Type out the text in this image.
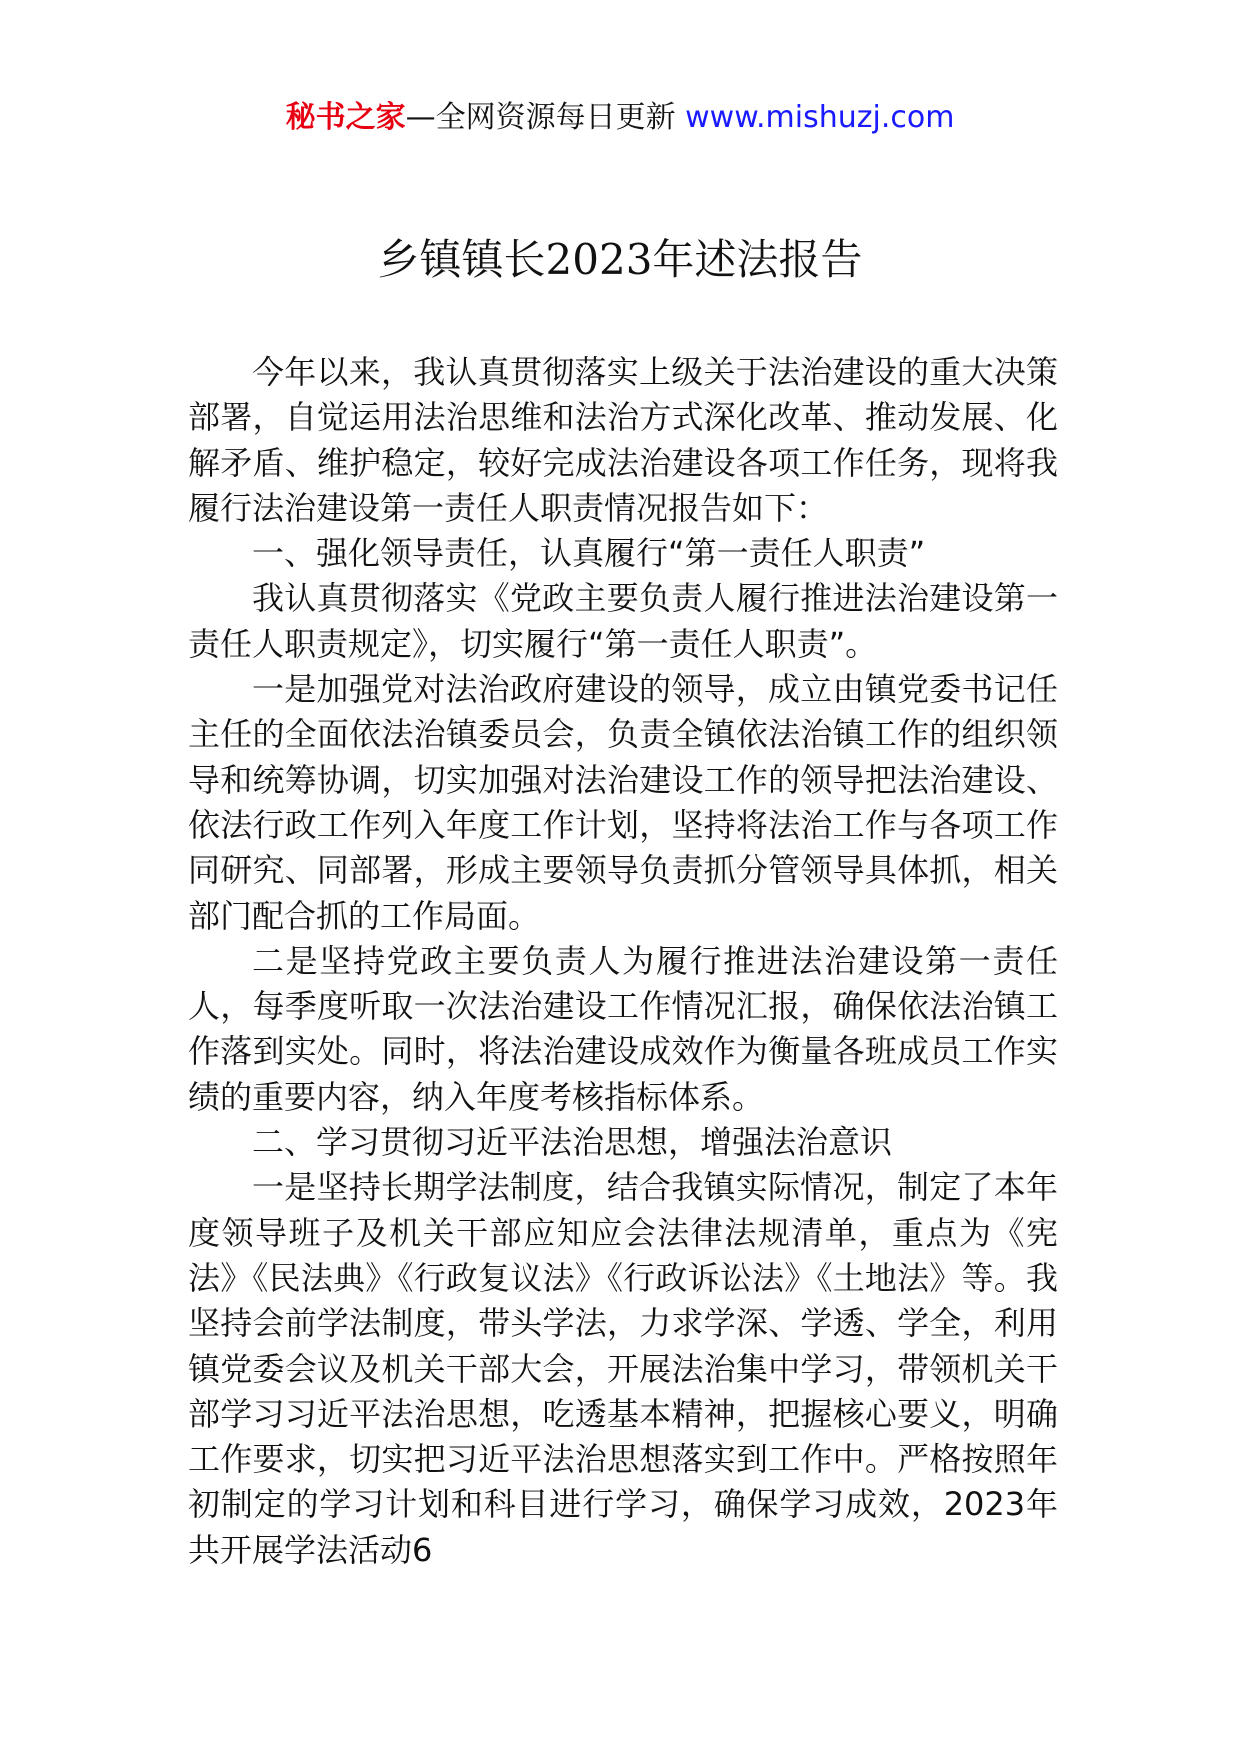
秘书之家—全网资源每日更新 www.mishuzj.com
乡镇镇长2023年述法报告

今年以来，我认真贯彻落实上级关于法治建设的重大决策部署，自觉运用法治思维和法治方式深化改革、推动发展、化解矛盾、维护稳定，较好完成法治建设各项工作任务，现将我履行法治建设第一责任人职责情况报告如下：

一、强化领导责任，认真履行“第一责任人职责”

我认真贯彻落实《党政主要负责人履行推进法治建设第一责任人职责规定》，切实履行“第一责任人职责”。

一是加强党对法治政府建设的领导，成立由镇党委书记任主任的全面依法治镇委员会，负责全镇依法治镇工作的组织领导和统筹协调，切实加强对法治建设工作的领导把法治建设、依法行政工作列入年度工作计划，坚持将法治工作与各项工作同研究、同部署，形成主要领导负责抓分管领导具体抓，相关部门配合抓的工作局面。

二是坚持党政主要负责人为履行推进法治建设第一责任人，每季度听取一次法治建设工作情况汇报，确保依法治镇工作落到实处。同时，将法治建设成效作为衡量各班成员工作实绩的重要内容，纳入年度考核指标体系。

二、学习贯彻习近平法治思想，增强法治意识

一是坚持长期学法制度，结合我镇实际情况，制定了本年度领导班子及机关干部应知应会法律法规清单，重点为《宪法》《民法典》《行政复议法》《行政诉讼法》《土地法》等。我坚持会前学法制度，带头学法，力求学深、学透、学全，利用镇党委会议及机关干部大会，开展法治集中学习，带领机关干部学习习近平法治思想，吃透基本精神，把握核心要义，明确工作要求，切实把习近平法治思想落实到工作中。严格按照年初制定的学习计划和科目进行学习，确保学习成效，2023年共开展学法活动6
